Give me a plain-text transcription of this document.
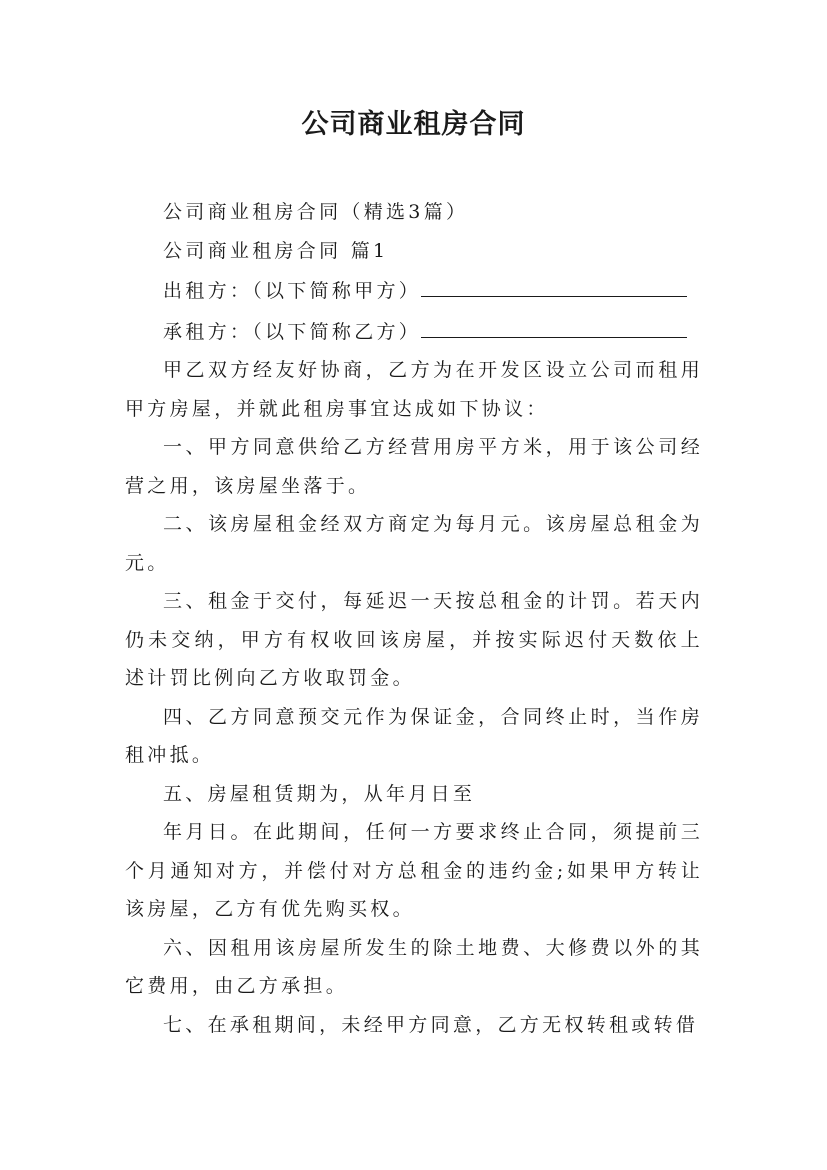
公司商业租房合同

公司商业租房合同（精选3篇）

公司商业租房合同 篇1

出租方：（以下简称甲方）

承租方：（以下简称乙方）

甲乙双方经友好协商，乙方为在开发区设立公司而租用甲方房屋，并就此租房事宜达成如下协议：

一、甲方同意供给乙方经营用房平方米，用于该公司经营之用，该房屋坐落于。

二、该房屋租金经双方商定为每月元。该房屋总租金为元。

三、租金于交付，每延迟一天按总租金的计罚。若天内仍未交纳，甲方有权收回该房屋，并按实际迟付天数依上述计罚比例向乙方收取罚金。

四、乙方同意预交元作为保证金，合同终止时，当作房租冲抵。

五、房屋租赁期为，从年月日至

年月日。在此期间，任何一方要求终止合同，须提前三个月通知对方，并偿付对方总租金的违约金;如果甲方转让该房屋，乙方有优先购买权。

六、因租用该房屋所发生的除土地费、大修费以外的其它费用，由乙方承担。

七、在承租期间，未经甲方同意，乙方无权转租或转借
